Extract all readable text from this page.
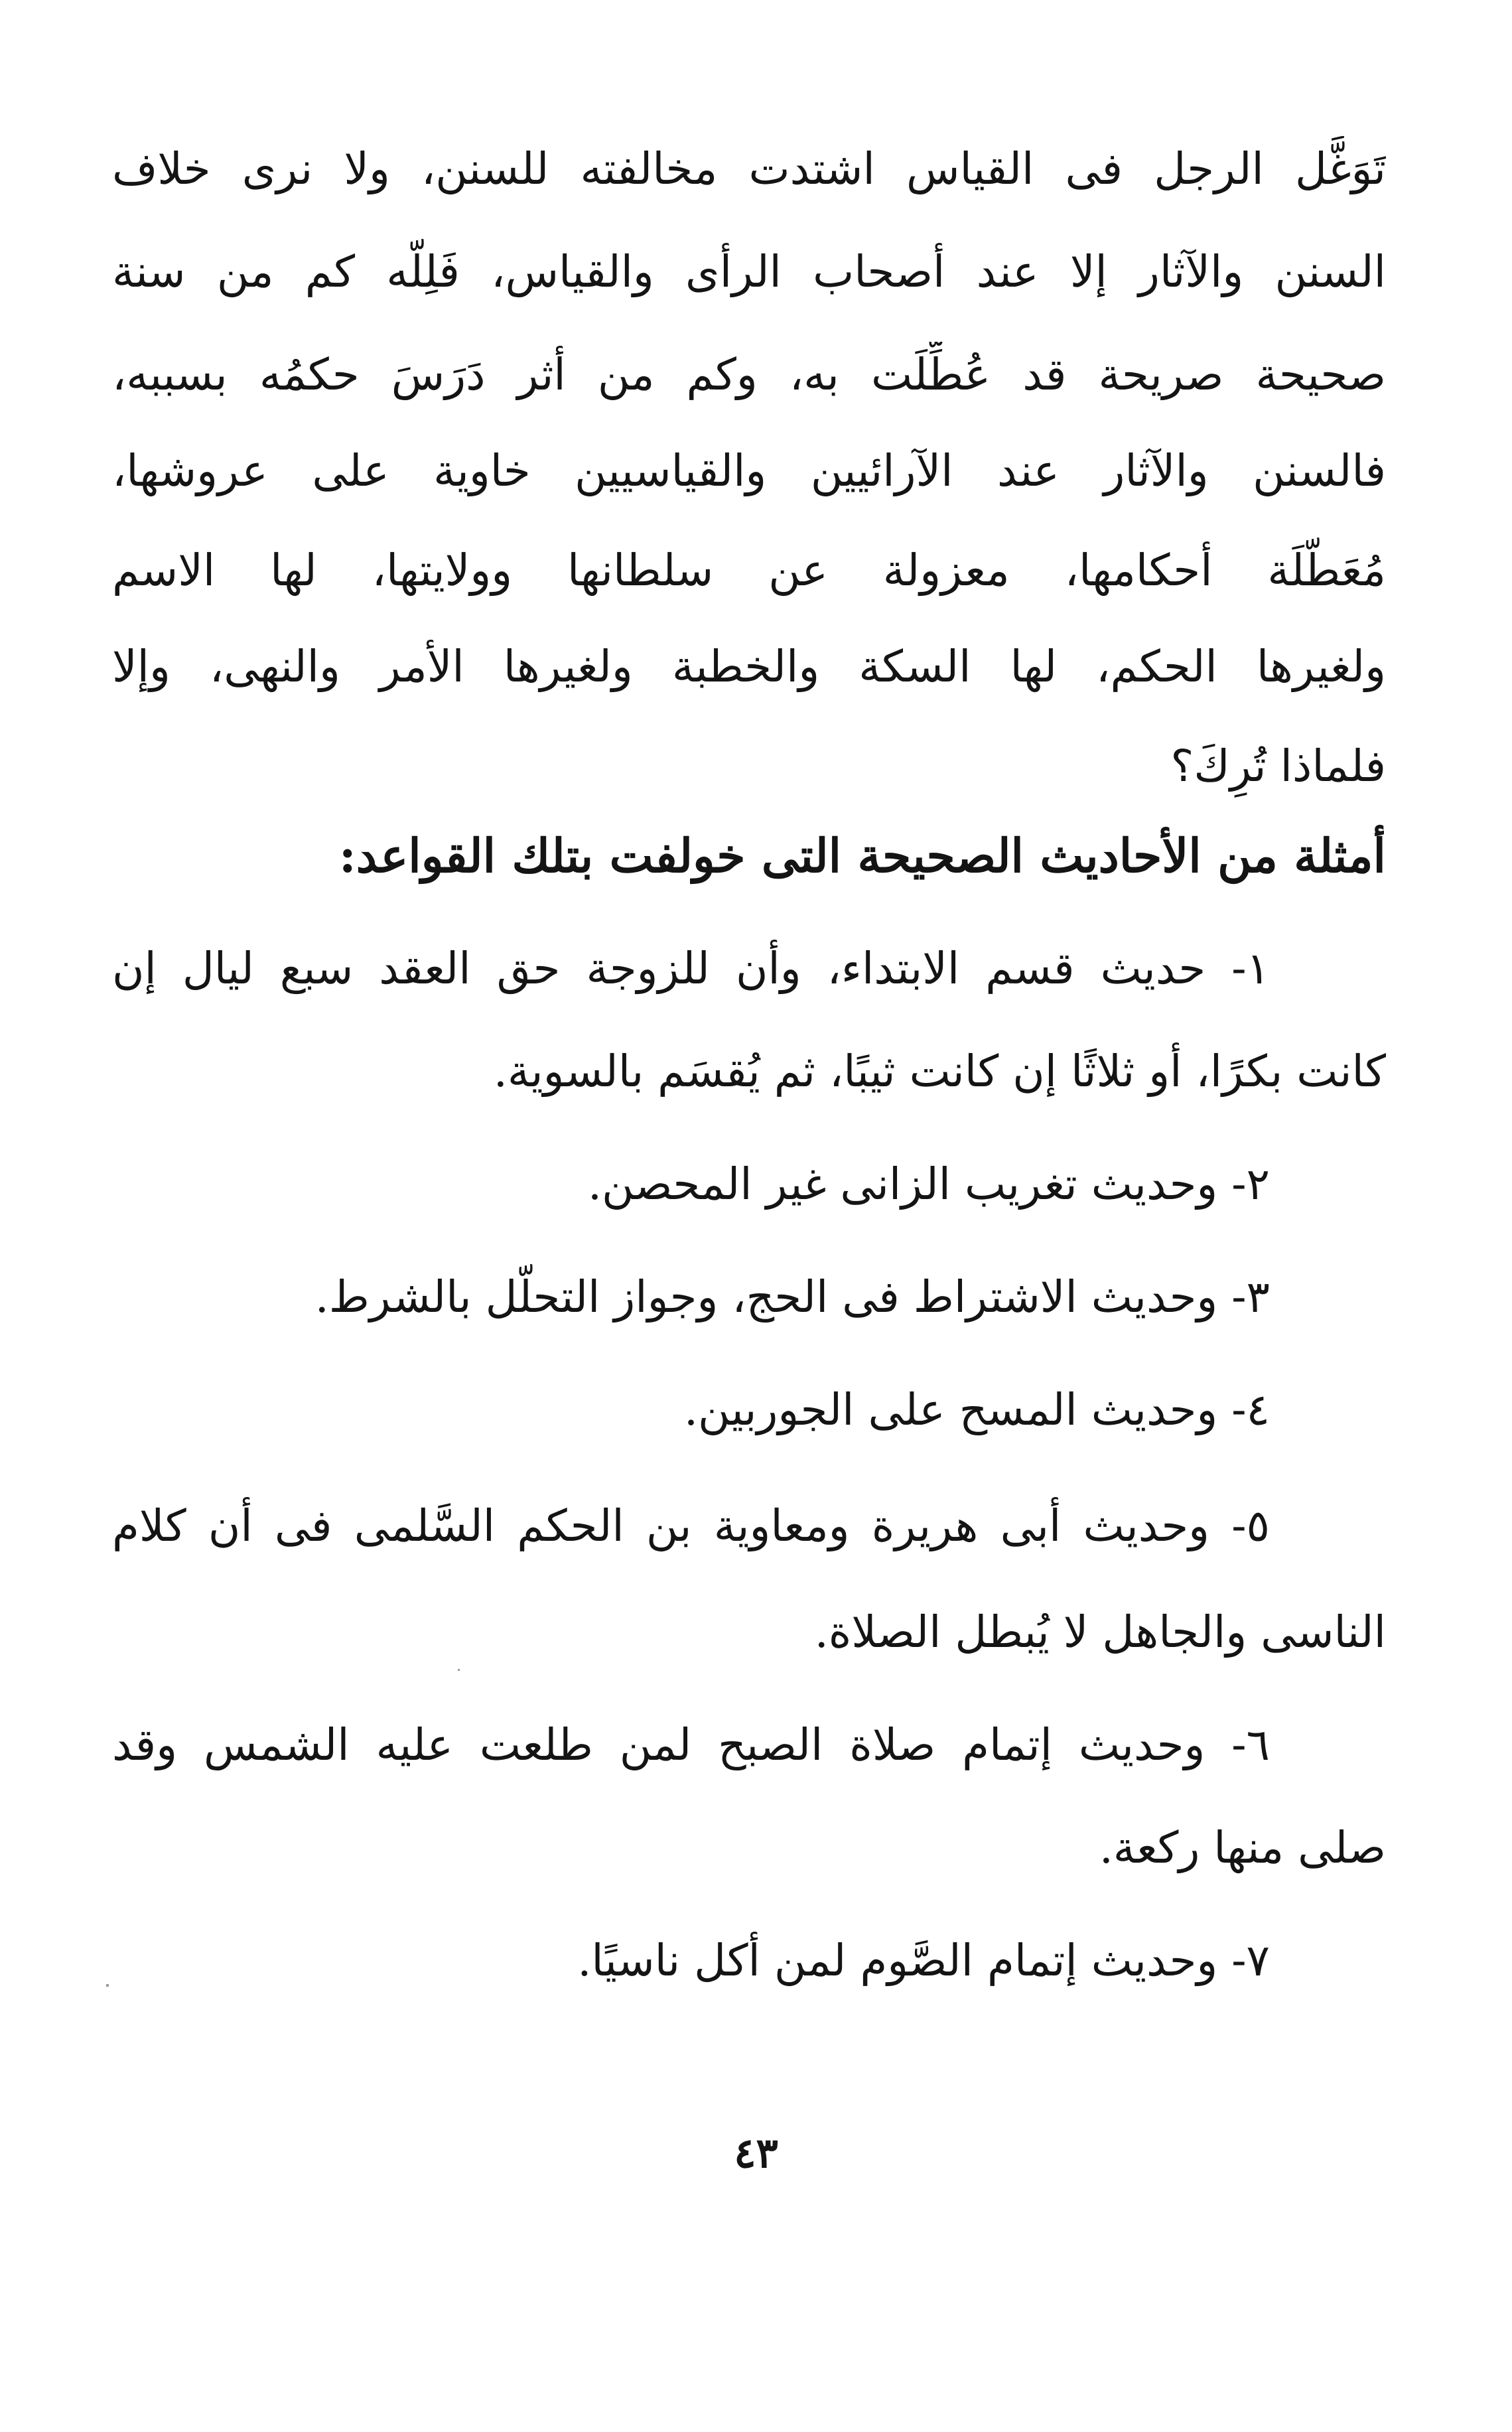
تَوَغَّل الرجل فى القياس اشتدت مخالفته للسنن، ولا نرى خلاف
السنن والآثار إلا عند أصحاب الرأى والقياس، فَلِلَّه كم من سنة
صحيحة صريحة قد عُطِّلَت به، وكم من أثر دَرَسَ حكمُه بسببه،
فالسنن والآثار عند الآرائيين والقياسيين خاوية على عروشها،
مُعَطَّلَة أحكامها، معزولة عن سلطانها وولايتها، لها الاسم
ولغيرها الحكم، لها السكة والخطبة ولغيرها الأمر والنهى، وإلا
فلماذا تُرِكَ؟
أمثلة من الأحاديث الصحيحة التى خولفت بتلك القواعد:
١- حديث قسم الابتداء، وأن للزوجة حق العقد سبع ليال إن
كانت بكرًا، أو ثلاثًا إن كانت ثيبًا، ثم يُقسَم بالسوية.
٢- وحديث تغريب الزانى غير المحصن.
٣- وحديث الاشتراط فى الحج، وجواز التحلُّل بالشرط.
٤- وحديث المسح على الجوربين.
٥- وحديث أبى هريرة ومعاوية بن الحكم السَّلمى فى أن كلام
الناسى والجاهل لا يُبطل الصلاة.
٦- وحديث إتمام صلاة الصبح لمن طلعت عليه الشمس وقد
صلى منها ركعة.
٧- وحديث إتمام الصَّوم لمن أكل ناسيًا.
٤٣
